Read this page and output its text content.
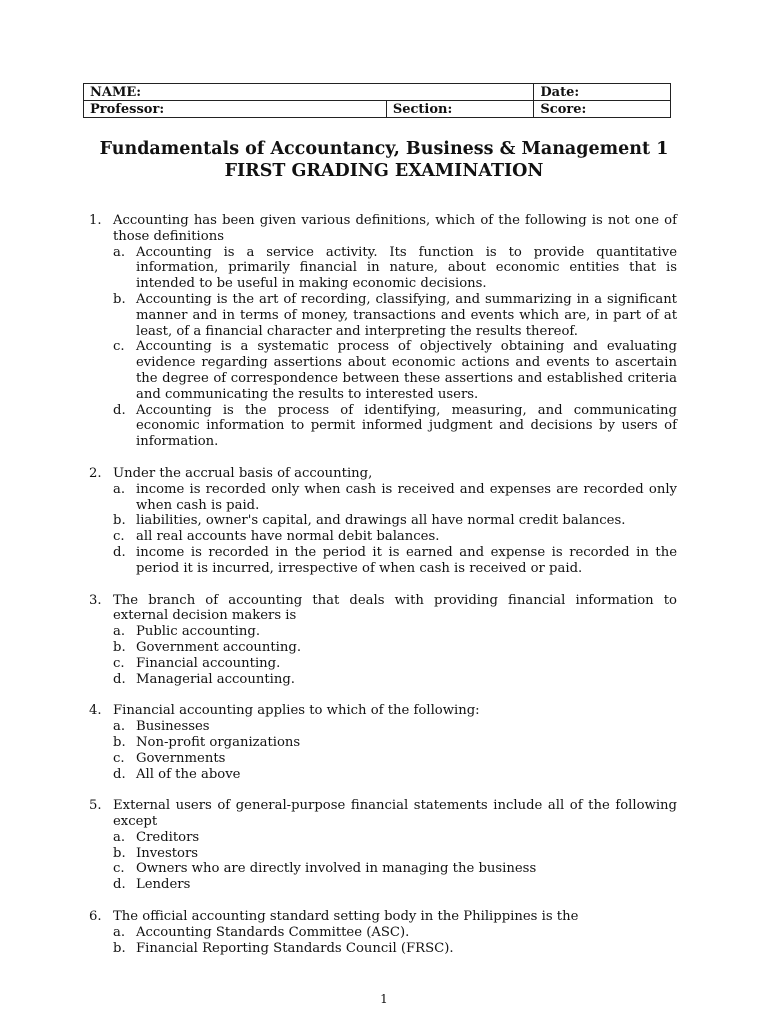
NAME:		Date:
Professor:	Section:	Score:
Fundamentals of Accountancy, Business & Management 1
FIRST GRADING EXAMINATION
1. Accounting has been given various definitions, which of the following is not one of those definitions
a. Accounting is a service activity. Its function is to provide quantitative information, primarily financial in nature, about economic entities that is intended to be useful in making economic decisions.
b. Accounting is the art of recording, classifying, and summarizing in a significant manner and in terms of money, transactions and events which are, in part of at least, of a financial character and interpreting the results thereof.
c. Accounting is a systematic process of objectively obtaining and evaluating evidence regarding assertions about economic actions and events to ascertain the degree of correspondence between these assertions and established criteria and communicating the results to interested users.
d. Accounting is the process of identifying, measuring, and communicating economic information to permit informed judgment and decisions by users of information.
2. Under the accrual basis of accounting,
a. income is recorded only when cash is received and expenses are recorded only when cash is paid.
b. liabilities, owner's capital, and drawings all have normal credit balances.
c. all real accounts have normal debit balances.
d. income is recorded in the period it is earned and expense is recorded in the period it is incurred, irrespective of when cash is received or paid.
3. The branch of accounting that deals with providing financial information to external decision makers is
a. Public accounting.
b. Government accounting.
c. Financial accounting.
d. Managerial accounting.
4. Financial accounting applies to which of the following:
a. Businesses
b. Non-profit organizations
c. Governments
d. All of the above
5. External users of general-purpose financial statements include all of the following except
a. Creditors
b. Investors
c. Owners who are directly involved in managing the business
d. Lenders
6. The official accounting standard setting body in the Philippines is the
a. Accounting Standards Committee (ASC).
b. Financial Reporting Standards Council (FRSC).
1
